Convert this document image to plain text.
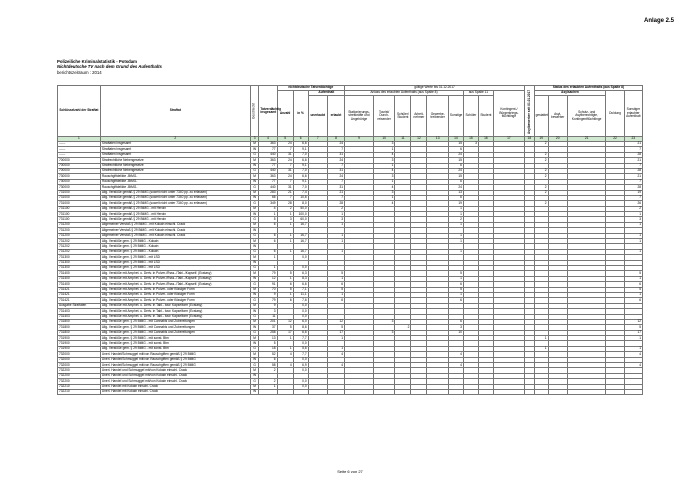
Anlage 2.5
Polizeiliche Kriminalstatistik - Potsdam
Nichtdeutsche TV nach dem Grund des Aufenthalts
berichtszeitraum : 2014
Schlüsselzahl der Straftat	Straftat	Geschlecht	Tatverdächtig insgesamt	nichtdeutsche Tatverdächtige				gültige Werte bis 31.12.2017									Asylbewerber seit 01.01.2017	Status des erlaubten Aufenthalts (aus Spalte 8)				
				Anzahl	in %	Aufenthalt		Anlass des erlaubten Aufenthalts (aus Spalte 8)						aus Spalte 11		Kontingent-/ Bürgerkriegs-flüchtlinge		Asylsachen			Duldung	Sonstiger erlaubter Aufenthalt
						unerlaubt	erlaubt	Stationierungs-streitkräfte und Angehörige	Tourist/ Durch-reisender	Schüler/ Student	Arbeit-nehmer	Gewerbe-treibender	Sonstige	Schüler	Student			gestattet	Asyl-bewerber	Schutz- und Asylberechtigte, Kontingentflüchtlinge		

1	2	3	4	5	6	7	8	9	10	11	12	13	14	15	16	17	18	19	20	21	22	23
------	Straftaten insgesamt	M	363	24	6,6		24		3				15	3				2				21
------	Straftaten insgesamt	W	77	7	9,1		7		1				6									7
------	Straftaten insgesamt	G	440	31	7,0		31		4				24					2				28
700000	Strafrechtliche Nebengesetze	M	363	24	6,6		24		3				15					2				21
700000	Strafrechtliche Nebengesetze	W	77	7	9,1		7		1				6									7
700000	Strafrechtliche Nebengesetze	G	440	31	7,0		31		4				24					2				28
730000	Rauschgiftdelikte -BtMG-	M	363	24	6,6		24		3				15					2				21
730000	Rauschgiftdelikte -BtMG-	W	77	7	9,1		7		1				6									7
730000	Rauschgiftdelikte -BtMG-	G	440	31	7,0		31		4				24					2				28
731000	Allg. Verstöße gemäß § 29 BtMG (soweit nicht unter 7340 pp. zu erfassen)	M	283	21	7,4		21		3				13					2				19
731000	Allg. Verstöße gemäß § 29 BtMG (soweit nicht unter 7340 pp. zu erfassen)	W	66	7	10,6		7		1				6									7
731000	Allg. Verstöße gemäß § 29 BtMG (soweit nicht unter 7340 pp. zu erfassen)	G	349	28	8,0		28		4				19					2				26
731100	Allg. Verstöße gemäß § 29 BtMG - mit Heroin	M	4	2	50,0		2						1									2
731100	Allg. Verstöße gemäß § 29 BtMG - mit Heroin	W	1	1	100,0		1						1									1
731100	Allg. Verstöße gemäß § 29 BtMG - mit Heroin	G	5	3	60,0		3						2									3
731200	Allgemeiner Verstoß § 29 BtMG - mit Kokain einschl. Crack	M	6	1	16,7		1						1									1
731200	Allgemeiner Verstoß § 29 BtMG - mit Kokain einschl. Crack	W																				
731200	Allgemeiner Verstoß § 29 BtMG - mit Kokain einschl. Crack	G	6	1	16,7		1						1									1
731202	Allg. Verstöße gem. § 29 BtMG - Kokain	M	6	1	16,7		1						1									1
731202	Allg. Verstöße gem. § 29 BtMG - Kokain	W																				
731202	Allg. Verstöße gem. § 29 BtMG - Kokain	G	6	1	16,7		1						1									1
731300	Allg. Verstöße gem. § 29 BtMG - mit LSD	M	1		0,0																	
731300	Allg. Verstöße gem. § 29 BtMG - mit LSD	W																				
731300	Allg. Verstöße gem. § 29 BtMG - mit LSD	G	1		0,0																	
731400	Allg. Verstöße mit Amphet. u. Deriv. in Pulver-/Rsss.-/Tabl.-/Kapself. (Ecstasy)	M	79	5	6,3		5						5									5
731400	Allg. Verstöße mit Amphet. u. Deriv. in Pulver-/Rsss.-/Tabl.-/Kapself. (Ecstasy)	W	12	1	8,3		1						1									1
731400	Allg. Verstöße mit Amphet. u. Deriv. in Pulver-/Rsss.-/Tabl.-/Kapself. (Ecstasy)	G	91	6	6,6		6						6									6
731421	Allg. Verstöße mit Amphet. u. Deriv. in Pulver- oder flüssiger Form	M	70	5	7,1		5						5									5
731421	Allg. Verstöße mit Amphet. u. Deriv. in Pulver- oder flüssiger Form	W	9	1	11,1		1						1									1
731421	Allg. Verstöße mit Amphet. u. Deriv. in Pulver- oder flüssiger Form	G	79	6	7,6		6						6									6
Ausgabe Straftaten	Allg. Verstöße mit Amphet. u. Deriv. in Tabl.- bzw. Kapselform (Ecstasy)	M	9		0,0																	
731403	Allg. Verstöße mit Amphet. u. Deriv. in Tabl.- bzw. Kapselform (Ecstasy)	W	3		0,0																	
731403	Allg. Verstöße mit Amphet. u. Deriv. in Tabl.- bzw. Kapselform (Ecstasy)	G	11		0,0																	
731800	Allg. Verstöße gem. § 29 BtMG - mit Cannabis und Zubereitungen	M	201	12	6,0		12		3				6									12
731800	Allg. Verstöße gem. § 29 BtMG - mit Cannabis und Zubereitungen	W	37	5	8,6		5			2			3									5
731800	Allg. Verstöße gem. § 29 BtMG - mit Cannabis und Zubereitungen	G	258	17	6,6		17		3				10									17
731900	Allg. Verstöße gem. § 29 BtMG - mit sonst. Btm	M	13	1	7,7		1											1				1
731900	Allg. Verstöße gem. § 29 BtMG - mit sonst. Btm	W	5		0,0																	
731900	Allg. Verstöße gem. § 29 BtMG - mit sonst. Btm	G	18	1	5,6		1											1				1
732000	Unerl. Handel/Schmuggel mit/von Rauschgiften gemäß § 29 BtMG	M	52	4	7,7		4						4									4
732000	Unerl. Handel/Schmuggel mit/von Rauschgiften gemäß § 29 BtMG	W	6		0,0																	
732000	Unerl. Handel/Schmuggel mit/von Rauschgiften gemäß § 29 BtMG	G	58	4	6,9		4						4									4
732200	Unerl. Handel und Schmuggel mit/von Kokain einschl. Crack	M	2		0,0																	
732200	Unerl. Handel und Schmuggel mit/von Kokain einschl. Crack	W																				
732200	Unerl. Handel und Schmuggel mit/von Kokain einschl. Crack	G	2		0,0																	
732210	Unerl. Handel mit Kokain einschl. Crack	M	1		0,0																	
732210	Unerl. Handel mit Kokain einschl. Crack	W																				
Seite 6 von 27
